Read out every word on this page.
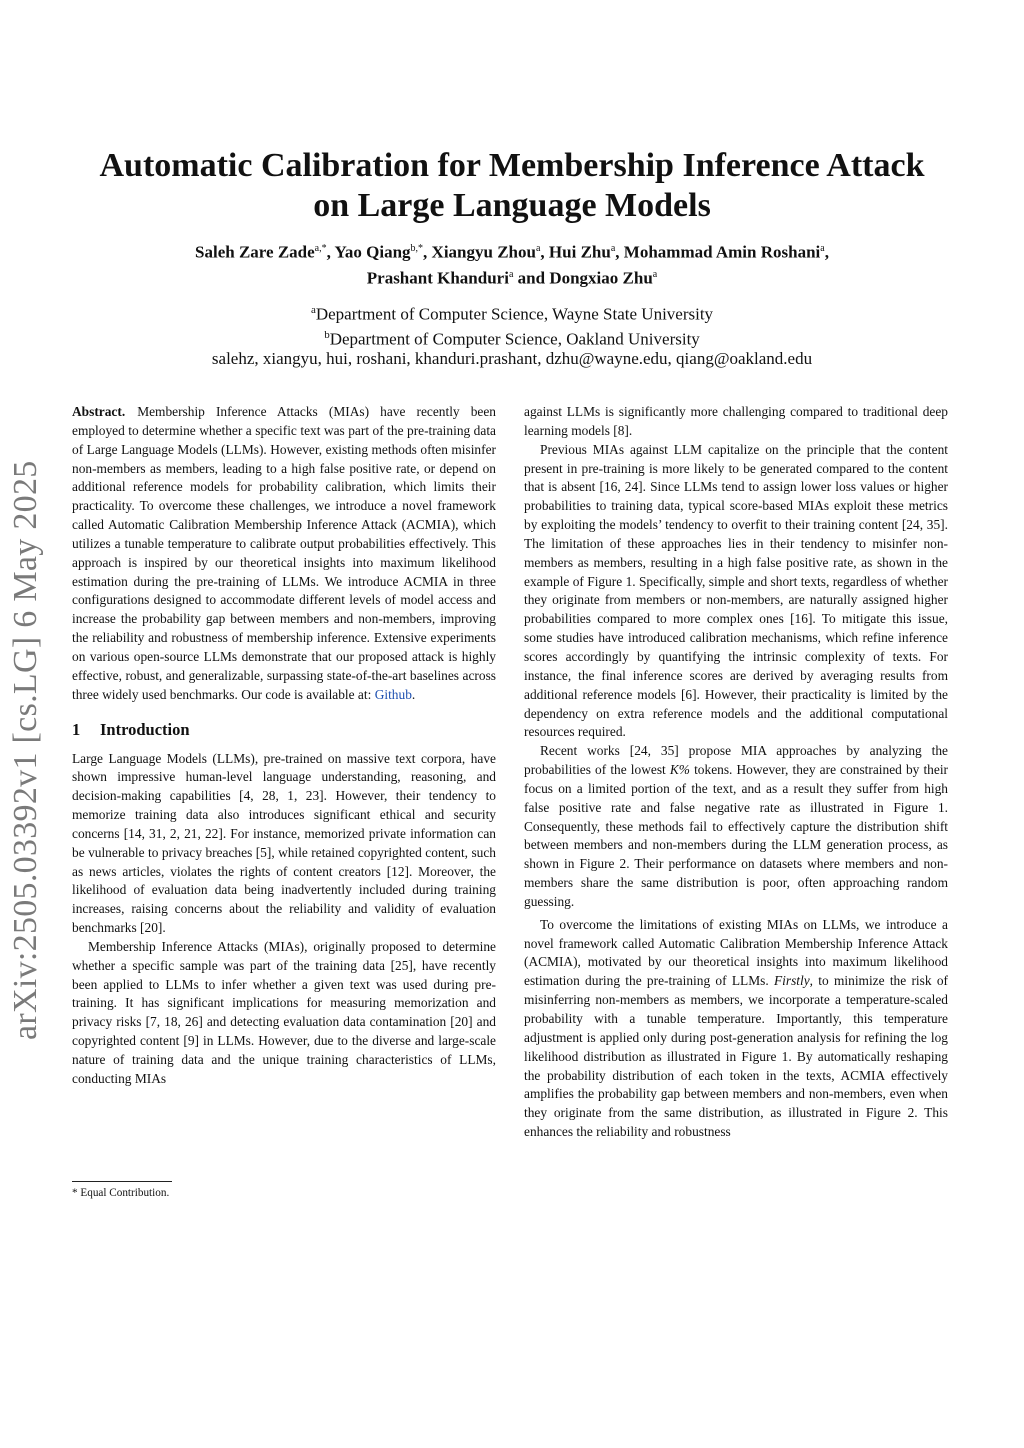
arXiv:2505.03392v1 [cs.LG] 6 May 2025
Automatic Calibration for Membership Inference Attack
on Large Language Models
Saleh Zare Zade$^{a,*}$, Yao Qiang$^{b,*}$, Xiangyu Zhou$^a$, Hui Zhu$^a$, Mohammad Amin Roshani$^a$,
Prashant Khanduri$^a$ and Dongxiao Zhu$^a$
$^a$Department of Computer Science, Wayne State University
$^b$Department of Computer Science, Oakland University
salehz, xiangyu, hui, roshani, khanduri.prashant, dzhu@wayne.edu, qiang@oakland.edu

Abstract. Membership Inference Attacks (MIAs) have recently been employed to determine whether a specific text was part of the pre-training data of Large Language Models (LLMs). However, existing methods often misinfer non-members as members, leading to a high false positive rate, or depend on additional reference models for probability calibration, which limits their practicality. To overcome these challenges, we introduce a novel framework called Automatic Calibration Membership Inference Attack (ACMIA), which utilizes a tunable temperature to calibrate output probabilities effectively. This approach is inspired by our theoretical insights into maximum likelihood estimation during the pre-training of LLMs. We introduce ACMIA in three configurations designed to accommodate different levels of model access and increase the probability gap between members and non-members, improving the reliability and robustness of membership inference. Extensive experiments on various open-source LLMs demonstrate that our proposed attack is highly effective, robust, and generalizable, surpassing state-of-the-art baselines across three widely used benchmarks. Our code is available at: Github.

1 Introduction

Large Language Models (LLMs), pre-trained on massive text corpora, have shown impressive human-level language understanding, reasoning, and decision-making capabilities [4, 28, 1, 23]. However, their tendency to memorize training data also introduces significant ethical and security concerns [14, 31, 2, 21, 22]. For instance, memorized private information can be vulnerable to privacy breaches [5], while retained copyrighted content, such as news articles, violates the rights of content creators [12]. Moreover, the likelihood of evaluation data being inadvertently included during training increases, raising concerns about the reliability and validity of evaluation benchmarks [20].

Membership Inference Attacks (MIAs), originally proposed to determine whether a specific sample was part of the training data [25], have recently been applied to LLMs to infer whether a given text was used during pre-training. It has significant implications for measuring memorization and privacy risks [7, 18, 26] and detecting evaluation data contamination [20] and copyrighted content [9] in LLMs. However, due to the diverse and large-scale nature of training data and the unique training characteristics of LLMs, conducting MIAs

* Equal Contribution.

against LLMs is significantly more challenging compared to traditional deep learning models [8].

Previous MIAs against LLM capitalize on the principle that the content present in pre-training is more likely to be generated compared to the content that is absent [16, 24]. Since LLMs tend to assign lower loss values or higher probabilities to training data, typical score-based MIAs exploit these metrics by exploiting the models’ tendency to overfit to their training content [24, 35]. The limitation of these approaches lies in their tendency to misinfer non-members as members, resulting in a high false positive rate, as shown in the example of Figure 1. Specifically, simple and short texts, regardless of whether they originate from members or non-members, are naturally assigned higher probabilities compared to more complex ones [16]. To mitigate this issue, some studies have introduced calibration mechanisms, which refine inference scores accordingly by quantifying the intrinsic complexity of texts. For instance, the final inference scores are derived by averaging results from additional reference models [6]. However, their practicality is limited by the dependency on extra reference models and the additional computational resources required.

Recent works [24, 35] propose MIA approaches by analyzing the probabilities of the lowest K% tokens. However, they are constrained by their focus on a limited portion of the text, and as a result they suffer from high false positive rate and false negative rate as illustrated in Figure 1. Consequently, these methods fail to effectively capture the distribution shift between members and non-members during the LLM generation process, as shown in Figure 2. Their performance on datasets where members and non-members share the same distribution is poor, often approaching random guessing.

To overcome the limitations of existing MIAs on LLMs, we introduce a novel framework called Automatic Calibration Membership Inference Attack (ACMIA), motivated by our theoretical insights into maximum likelihood estimation during the pre-training of LLMs. Firstly, to minimize the risk of misinferring non-members as members, we incorporate a temperature-scaled probability with a tunable temperature. Importantly, this temperature adjustment is applied only during post-generation analysis for refining the log likelihood distribution as illustrated in Figure 1. By automatically reshaping the probability distribution of each token in the texts, ACMIA effectively amplifies the probability gap between members and non-members, even when they originate from the same distribution, as illustrated in Figure 2. This enhances the reliability and robustness
